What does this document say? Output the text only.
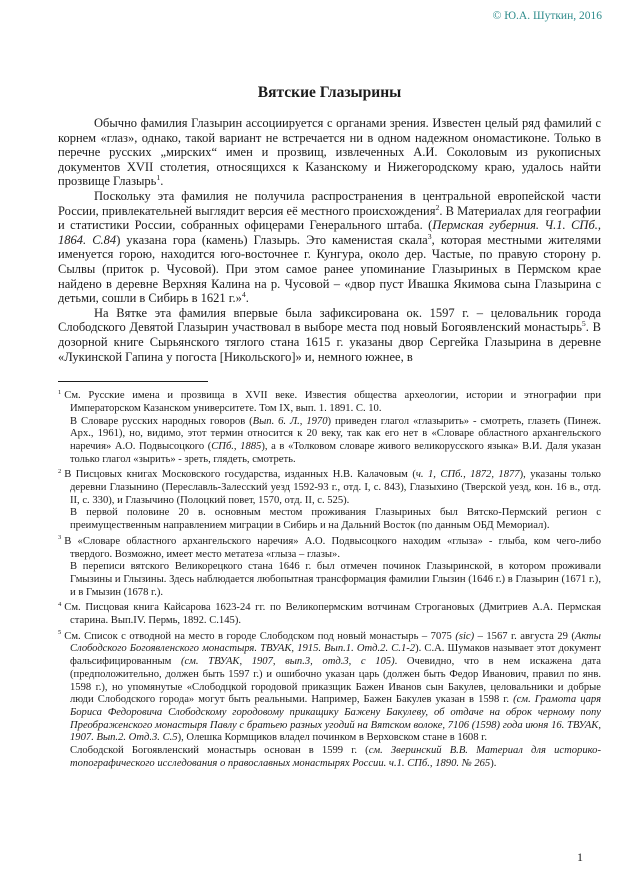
© Ю.А. Шуткин, 2016
Вятские Глазырины

Обычно фамилия Глазырин ассоциируется с органами зрения. Известен целый ряд фамилий с корнем «глаз», однако, такой вариант не встречается ни в одном надежном ономастиконе. Только в перечне русских „мирских“ имен и прозвищ, извлеченных А.И. Соколовым из рукописных документов XVII столетия, относящихся к Казанскому и Нижегородскому краю, удалось найти прозвище Глазырь$^1$.

Поскольку эта фамилия не получила распространения в центральной европейской части России, привлекательней выглядит версия её местного происхождения$^2$. В Материалах для географии и статистики России, собранных офицерами Генерального штаба. (Пермская губерния. Ч.1. СПб., 1864. С.84) указана гора (камень) Глазырь. Это каменистая скала$^3$, которая местными жителями именуется горою, находится юго-восточнее г. Кунгура, около дер. Частые, по правую сторону р. Сылвы (приток р. Чусовой). При этом самое ранее упоминание Глазыриных в Пермском крае найдено в деревне Верхняя Калина на р. Чусовой – «двор пуст Ивашка Якимова сына Глазырина с детьми, сошли в Сибирь в 1621 г.»$^4$.

На Вятке эта фамилия впервые была зафиксирована ок. 1597 г. – целовальник города Слободского Девятой Глазырин участвовал в выборе места под новый Богоявленский монастырь$^5$. В дозорной книге Сырьянского тяглого стана 1615 г. указаны двор Сергейка Глазырина в деревне «Лукинской Гапина у погоста [Никольского]» и, немного южнее, в

$^1$ См. Русские имена и прозвища в XVII веке. Известия общества археологии, истории и этнографии при Императорском Казанском университете. Том IX, вып. 1. 1891. С. 10.

В Словаре русских народных говоров (Вып. 6. Л., 1970) приведен глагол «глазырить» - смотреть, глазеть (Пинеж. Арх., 1961), но, видимо, этот термин относится к 20 веку, так как его нет в «Словаре областного архангельского наречия» А.О. Подвысоцкого (СПб., 1885), а в «Толковом словаре живого великорусского языка» В.И. Даля указан только глагол «зырить» - зреть, глядеть, смотреть.

$^2$ В Писцовых книгах Московского государства, изданных Н.В. Калачовым (ч. 1, СПб., 1872, 1877), указаны только деревни Глазынино (Переславль-Залесский уезд 1592-93 г., отд. I, с. 843), Глазыхино (Тверской уезд, кон. 16 в., отд. II, с. 330), и Глазычино (Полоцкий повет, 1570, отд. II, с. 525).

В первой половине 20 в. основным местом проживания Глазыриных был Вятско-Пермский регион с преимущественным направлением миграции в Сибирь и на Дальний Восток (по данным ОБД Мемориал).

$^3$ В «Словаре областного архангельского наречия» А.О. Подвысоцкого находим «глыза» - глыба, ком чего-либо твердого. Возможно, имеет место метатеза «глыза – глазы».

В переписи вятского Великорецкого стана 1646 г. был отмечен починок Глазыринской, в котором проживали Гмызины и Глызины. Здесь наблюдается любопытная трансформация фамилии Глызин (1646 г.) в Глазырин (1671 г.), и в Гмызин (1678 г.).

$^4$ См. Писцовая книга Кайсарова 1623-24 гг. по Великопермским вотчинам Строгановых (Дмитриев А.А. Пермская старина. Вып.IV. Пермь, 1892. С.145).

$^5$ См. Список с отводной на место в городе Слободском под новый монастырь – 7075 (sic) – 1567 г. августа 29 (Акты Слободского Богоявленского монастыря. ТВУАК, 1915. Вып.1. Отд.2. С.1-2). С.А. Шумаков называет этот документ фальсифицированным (см. ТВУАК, 1907, вып.3, отд.3, с 105). Очевидно, что в нем искажена дата (предположительно, должен быть 1597 г.) и ошибочно указан царь (должен быть Федор Иванович, правил по янв. 1598 г.), но упомянутые «Слободцкой городовой приказщик Бажен Иванов сын Бакулев, целовальники и добрые люди Слободского города» могут быть реальными. Например, Бажен Бакулев указан в 1598 г. (см. Грамота царя Бориса Федоровича Слободскому городовому прикащику Бажену Бакулеву, об отдаче на оброк черному попу Преображенского монастыря Павлу с братьею разных угодий на Вятском волоке, 7106 (1598) года июня 16. ТВУАК, 1907. Вып.2. Отд.3. С.5), Олешка Кормщиков владел починком в Верховском стане в 1608 г.

Слободской Богоявленский монастырь основан в 1599 г. (см. Зверинский В.В. Материал для историко-топографического исследования о православных монастырях России. ч.1. СПб., 1890. № 265).

1
